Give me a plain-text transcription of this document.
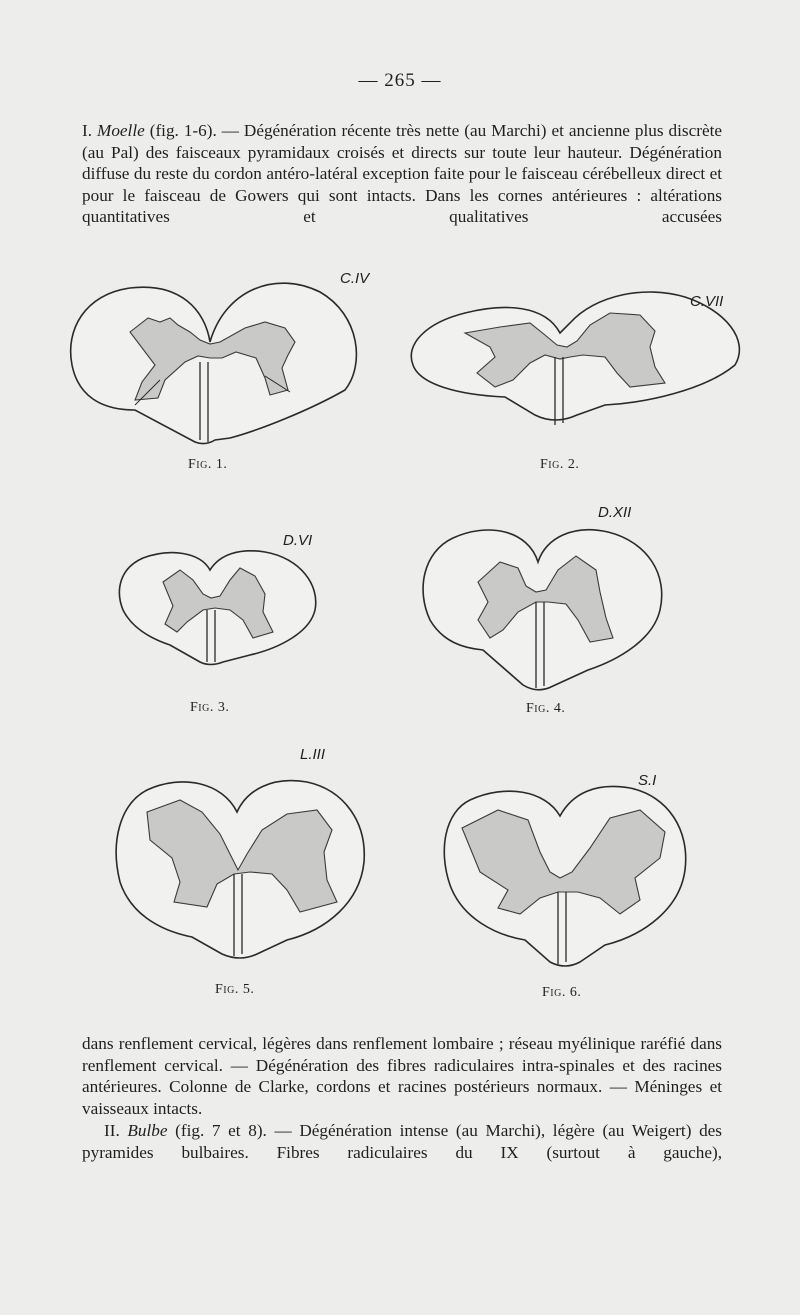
— 265 —

I. Moelle (fig. 1-6). — Dégénération récente très nette (au Marchi) et ancienne plus discrète (au Pal) des faisceaux pyramidaux croisés et directs sur toute leur hauteur. Dégénération diffuse du reste du cordon antéro-latéral exception faite pour le faisceau cérébelleux direct et pour le faisceau de Gowers qui sont intacts. Dans les cornes antérieures : altérations quantitatives et qualitatives accusées

C.IV
Fig. 1.
C.VII
Fig. 2.
D.VI
Fig. 3.
D.XII
Fig. 4.
L.III
Fig. 5.
S.I
Fig. 6.

dans renflement cervical, légères dans renflement lombaire ; réseau myélinique raréfié dans renflement cervical. — Dégénération des fibres radiculaires intra-spinales et des racines antérieures. Colonne de Clarke, cordons et racines postérieurs normaux. — Méninges et vaisseaux intacts.

II. Bulbe (fig. 7 et 8). — Dégénération intense (au Marchi), légère (au Weigert) des pyramides bulbaires. Fibres radiculaires du IX (surtout à gauche),
